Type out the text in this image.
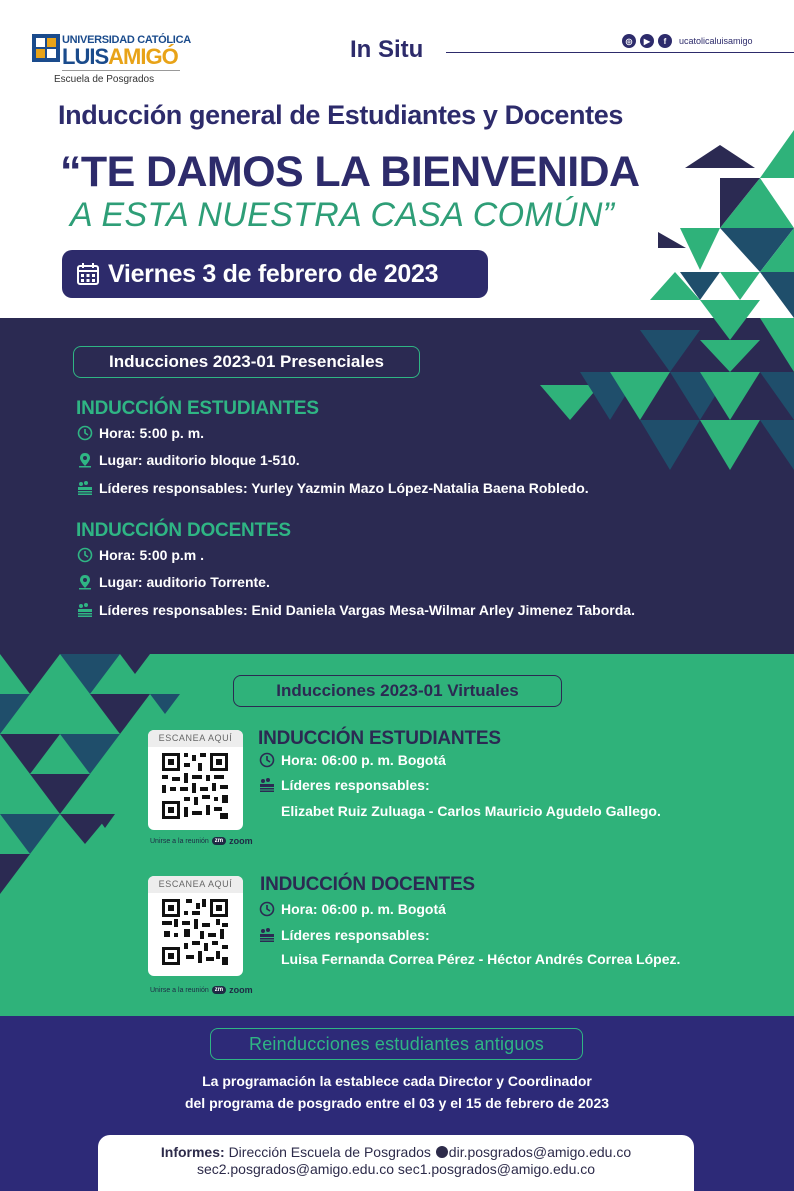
UNIVERSIDAD CATÓLICA
LUISAMIGÓ
Escuela de Posgrados
In Situ	◎	▶	f	ucatolicaluisamigo
Inducción general de Estudiantes y Docentes
“TE DAMOS LA BIENVENIDA
A ESTA NUESTRA CASA COMÚN”
Viernes 3 de febrero de 2023
Inducciones 2023-01 Presenciales
INDUCCIÓN ESTUDIANTES
Hora: 5:00 p. m.
Lugar: auditorio bloque 1-510.
Líderes responsables: Yurley Yazmin Mazo López-Natalia Baena Robledo.
INDUCCIÓN DOCENTES
Hora: 5:00 p.m .
Lugar: auditorio Torrente.
Líderes responsables: Enid Daniela Vargas Mesa-Wilmar Arley Jimenez Taborda.
Inducciones 2023-01 Virtuales
ESCANEA AQUÍ
Unirse a la reunión	zm zoom
INDUCCIÓN ESTUDIANTES
Hora: 06:00 p. m. Bogotá
Líderes responsables:
Elizabet Ruiz Zuluaga - Carlos Mauricio Agudelo Gallego.
ESCANEA AQUÍ
Unirse a la reunión	zm zoom
INDUCCIÓN DOCENTES
Hora: 06:00 p. m. Bogotá
Líderes responsables:
Luisa Fernanda Correa Pérez - Héctor Andrés Correa López.
Reinducciones estudiantes antiguos
La programación la establece cada Director y Coordinador
del programa de posgrado entre el 03 y el 15 de febrero de 2023
Informes: Dirección Escuela de Posgrados dir.posgrados@amigo.edu.co
sec2.posgrados@amigo.edu.co sec1.posgrados@amigo.edu.co
